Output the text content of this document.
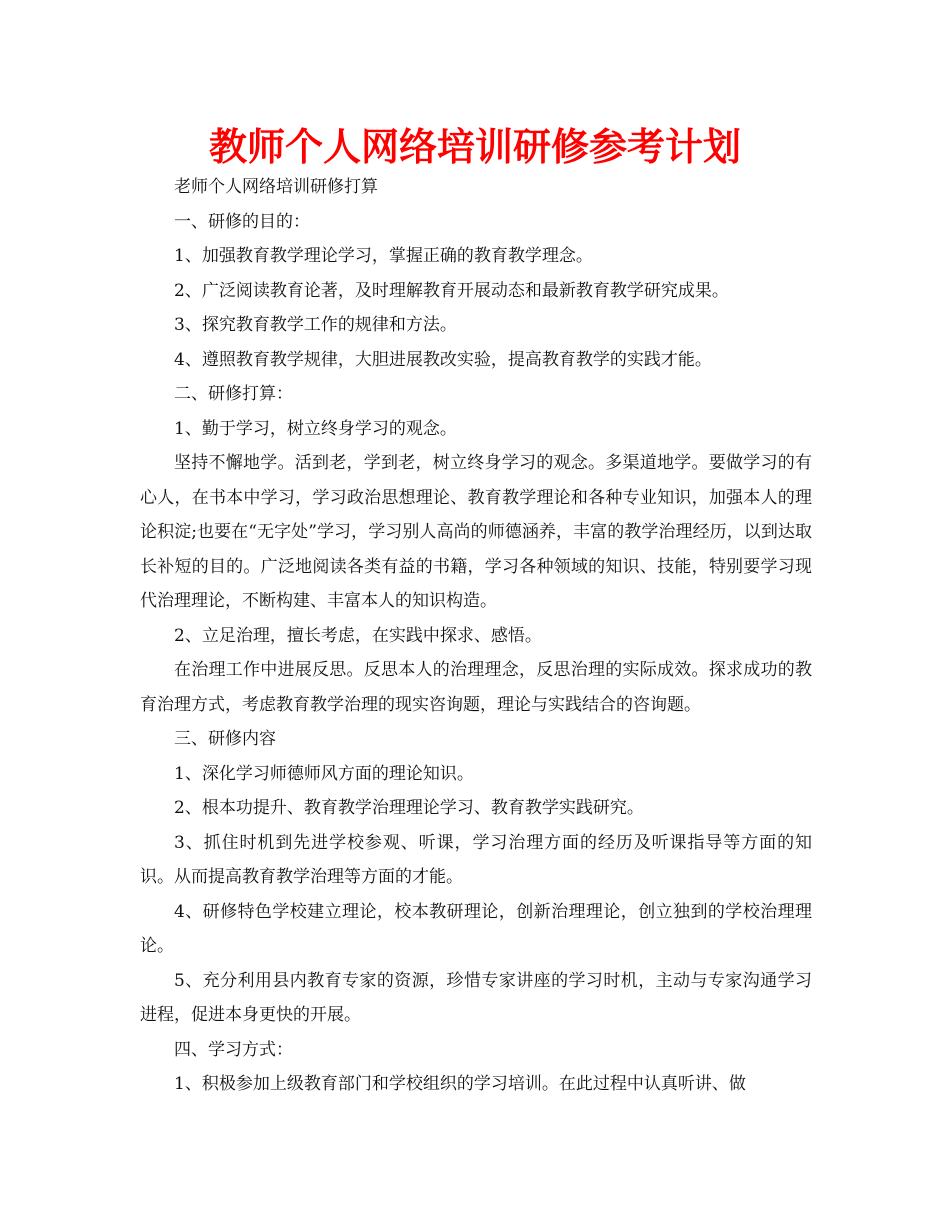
教师个人网络培训研修参考计划

老师个人网络培训研修打算

一、研修的目的：

1、加强教育教学理论学习，掌握正确的教育教学理念。

2、广泛阅读教育论著，及时理解教育开展动态和最新教育教学研究成果。

3、探究教育教学工作的规律和方法。

4、遵照教育教学规律，大胆进展教改实验，提高教育教学的实践才能。

二、研修打算：

1、勤于学习，树立终身学习的观念。

坚持不懈地学。活到老，学到老，树立终身学习的观念。多渠道地学。要做学习的有心人，在书本中学习，学习政治思想理论、教育教学理论和各种专业知识，加强本人的理论积淀;也要在“无字处”学习，学习别人高尚的师德涵养，丰富的教学治理经历，以到达取长补短的目的。广泛地阅读各类有益的书籍，学习各种领域的知识、技能，特别要学习现代治理理论，不断构建、丰富本人的知识构造。

2、立足治理，擅长考虑，在实践中探求、感悟。

在治理工作中进展反思。反思本人的治理理念，反思治理的实际成效。探求成功的教育治理方式，考虑教育教学治理的现实咨询题，理论与实践结合的咨询题。

三、研修内容

1、深化学习师德师风方面的理论知识。

2、根本功提升、教育教学治理理论学习、教育教学实践研究。

3、抓住时机到先进学校参观、听课，学习治理方面的经历及听课指导等方面的知识。从而提高教育教学治理等方面的才能。

4、研修特色学校建立理论，校本教研理论，创新治理理论，创立独到的学校治理理论。

5、充分利用县内教育专家的资源，珍惜专家讲座的学习时机，主动与专家沟通学习进程，促进本身更快的开展。

四、学习方式：

1、积极参加上级教育部门和学校组织的学习培训。在此过程中认真听讲、做
